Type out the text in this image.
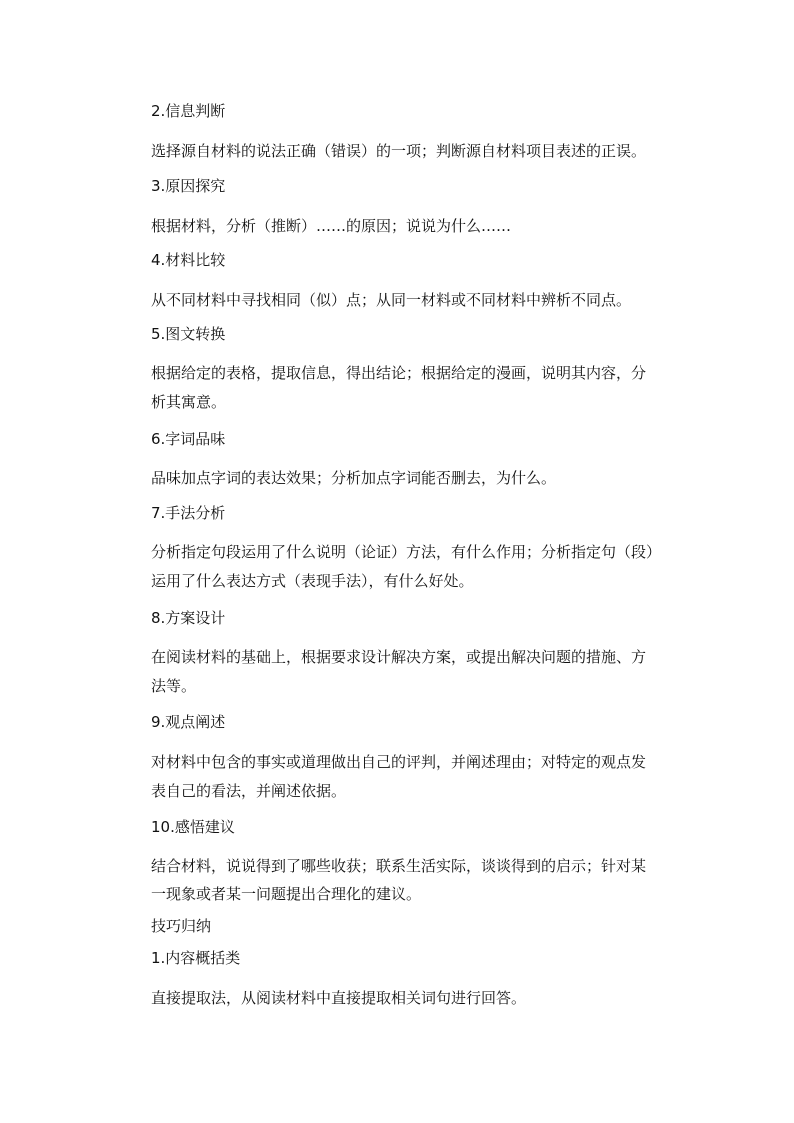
2.信息判断
选择源自材料的说法正确（错误）的一项；判断源自材料项目表述的正误。
3.原因探究
根据材料，分析（推断）……的原因；说说为什么……
4.材料比较
从不同材料中寻找相同（似）点；从同一材料或不同材料中辨析不同点。
5.图文转换
根据给定的表格，提取信息，得出结论；根据给定的漫画，说明其内容，分
析其寓意。
6.字词品味
品味加点字词的表达效果；分析加点字词能否删去，为什么。
7.手法分析
分析指定句段运用了什么说明（论证）方法，有什么作用；分析指定句（段）
运用了什么表达方式（表现手法），有什么好处。
8.方案设计
在阅读材料的基础上，根据要求设计解决方案，或提出解决问题的措施、方
法等。
9.观点阐述
对材料中包含的事实或道理做出自己的评判，并阐述理由；对特定的观点发
表自己的看法，并阐述依据。
10.感悟建议
结合材料，说说得到了哪些收获；联系生活实际，谈谈得到的启示；针对某
一现象或者某一问题提出合理化的建议。
技巧归纳
1.内容概括类
直接提取法，从阅读材料中直接提取相关词句进行回答。
